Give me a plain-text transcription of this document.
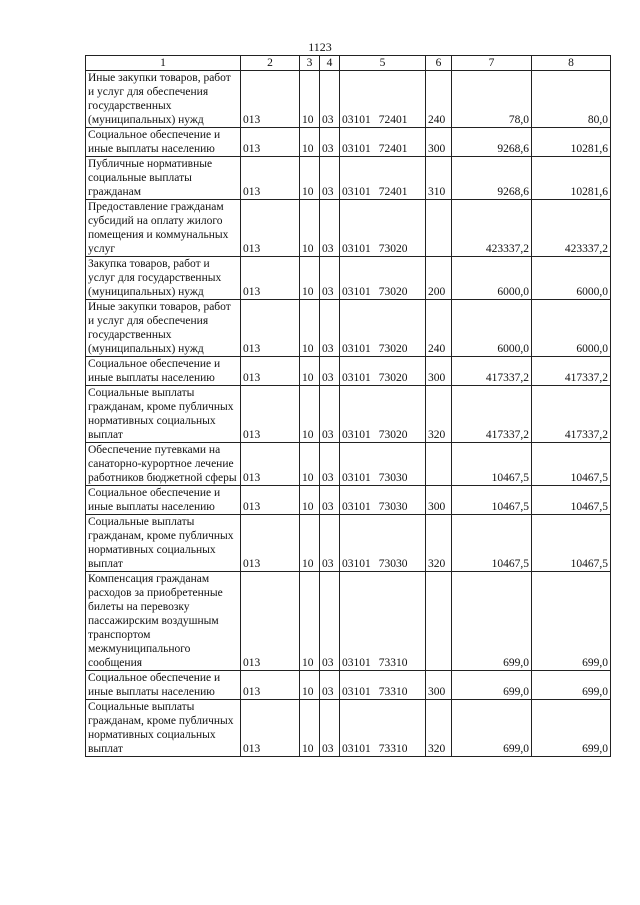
1123
1	2	3	4	5	6	7	8
Иные закупки товаров, работ и услуг для обеспечения государственных (муниципальных) нужд	013	10	03	03101 72401	240	78,0	80,0
Социальное обеспечение и иные выплаты населению	013	10	03	03101 72401	300	9268,6	10281,6
Публичные нормативные социальные выплаты гражданам	013	10	03	03101 72401	310	9268,6	10281,6
Предоставление гражданам субсидий на оплату жилого помещения и коммунальных услуг	013	10	03	03101 73020		423337,2	423337,2
Закупка товаров, работ и услуг для государственных (муниципальных) нужд	013	10	03	03101 73020	200	6000,0	6000,0
Иные закупки товаров, работ и услуг для обеспечения государственных (муниципальных) нужд	013	10	03	03101 73020	240	6000,0	6000,0
Социальное обеспечение и иные выплаты населению	013	10	03	03101 73020	300	417337,2	417337,2
Социальные выплаты гражданам, кроме публичных нормативных социальных выплат	013	10	03	03101 73020	320	417337,2	417337,2
Обеспечение путевками на санаторно-курортное лечение работников бюджетной сферы	013	10	03	03101 73030		10467,5	10467,5
Социальное обеспечение и иные выплаты населению	013	10	03	03101 73030	300	10467,5	10467,5
Социальные выплаты гражданам, кроме публичных нормативных социальных выплат	013	10	03	03101 73030	320	10467,5	10467,5
Компенсация гражданам расходов за приобретенные билеты на перевозку пассажирским воздушным транспортом межмуниципального сообщения	013	10	03	03101 73310		699,0	699,0
Социальное обеспечение и иные выплаты населению	013	10	03	03101 73310	300	699,0	699,0
Социальные выплаты гражданам, кроме публичных нормативных социальных выплат	013	10	03	03101 73310	320	699,0	699,0
